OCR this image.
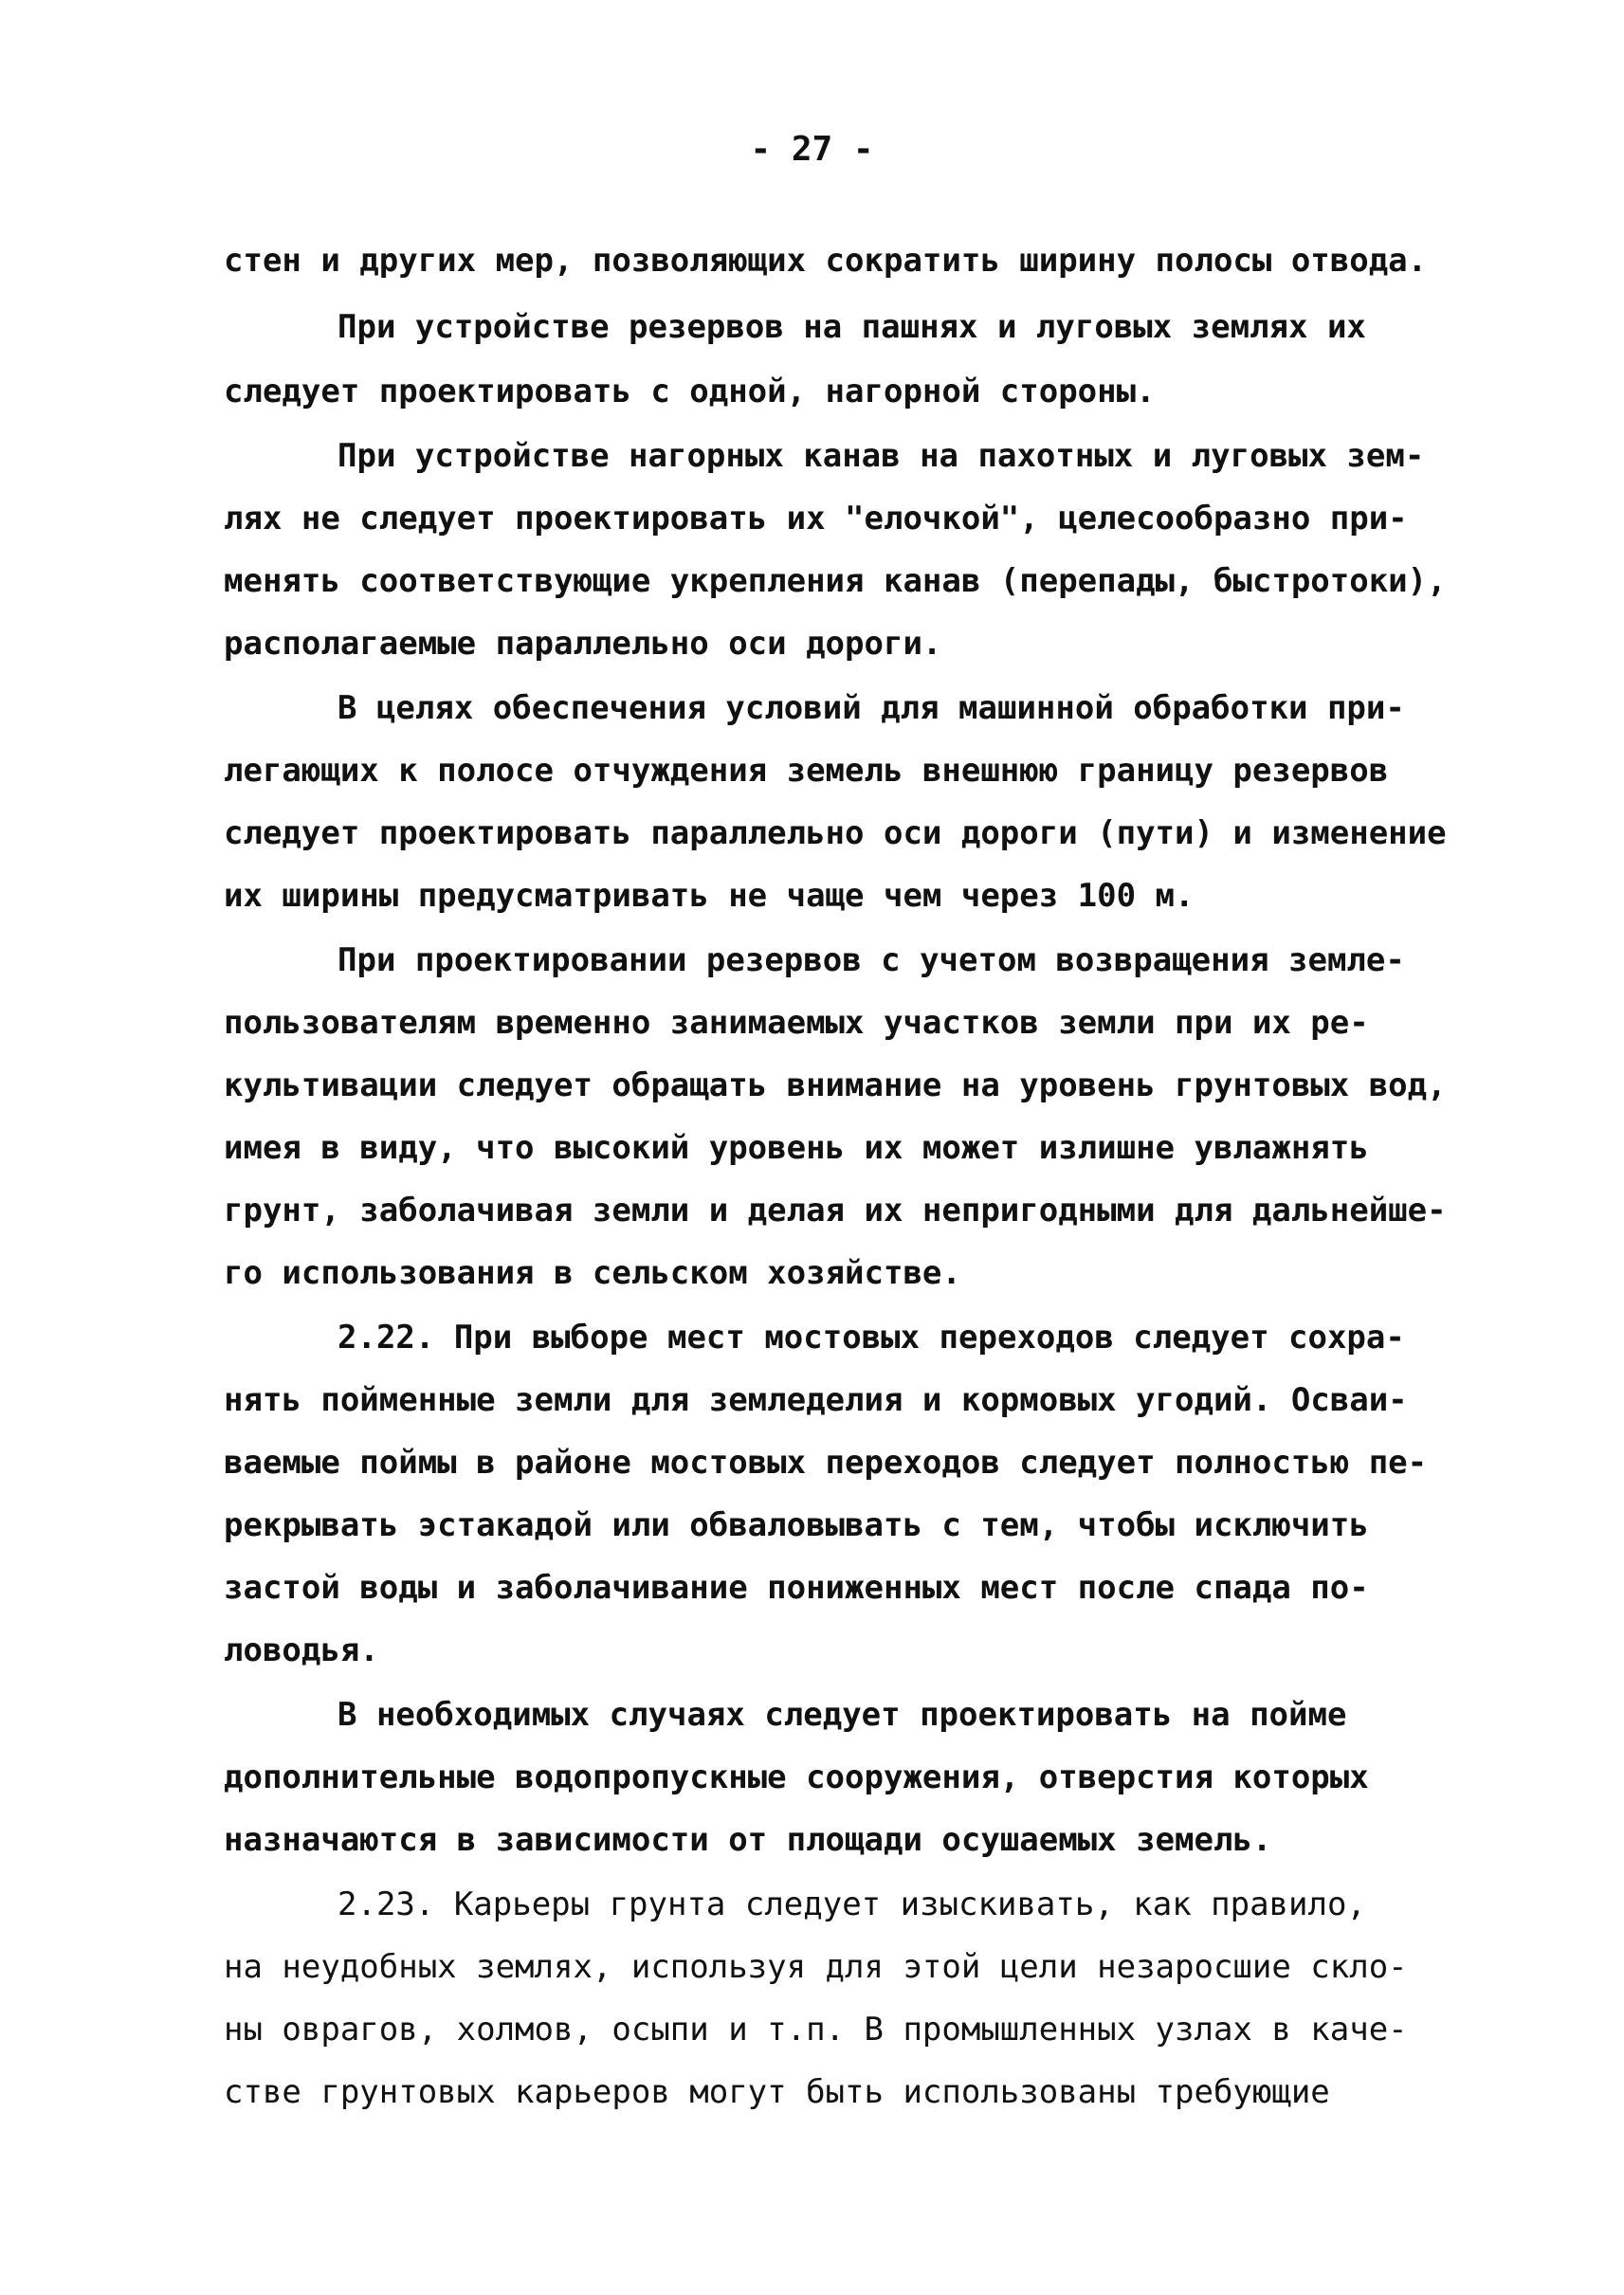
- 27 -
стен и других мер, позволяющих сократить ширину полосы отвода.
При устройстве резервов на пашнях и луговых землях их
следует проектировать с одной, нагорной стороны.
При устройстве нагорных канав на пахотных и луговых зем-
лях не следует проектировать их "елочкой", целесообразно при-
менять соответствующие укрепления канав (перепады, быстротоки),
располагаемые параллельно оси дороги.
В целях обеспечения условий для машинной обработки при-
легающих к полосе отчуждения земель внешнюю границу резервов
следует проектировать параллельно оси дороги (пути) и изменение
их ширины предусматривать не чаще чем через 100 м.
При проектировании резервов с учетом возвращения земле-
пользователям временно занимаемых участков земли при их ре-
культивации следует обращать внимание на уровень грунтовых вод,
имея в виду, что высокий уровень их может излишне увлажнять
грунт, заболачивая земли и делая их непригодными для дальнейше-
го использования в сельском хозяйстве.
2.22. При выборе мест мостовых переходов следует сохра-
нять пойменные земли для земледелия и кормовых угодий. Осваи-
ваемые поймы в районе мостовых переходов следует полностью пе-
рекрывать эстакадой или обваловывать с тем, чтобы исключить
застой воды и заболачивание пониженных мест после спада по-
ловодья.
В необходимых случаях следует проектировать на пойме
дополнительные водопропускные сооружения, отверстия которых
назначаются в зависимости от площади осушаемых земель.
2.23. Карьеры грунта следует изыскивать, как правило,
на неудобных землях, используя для этой цели незаросшие скло-
ны оврагов, холмов, осыпи и т.п. В промышленных узлах в каче-
стве грунтовых карьеров могут быть использованы требующие
